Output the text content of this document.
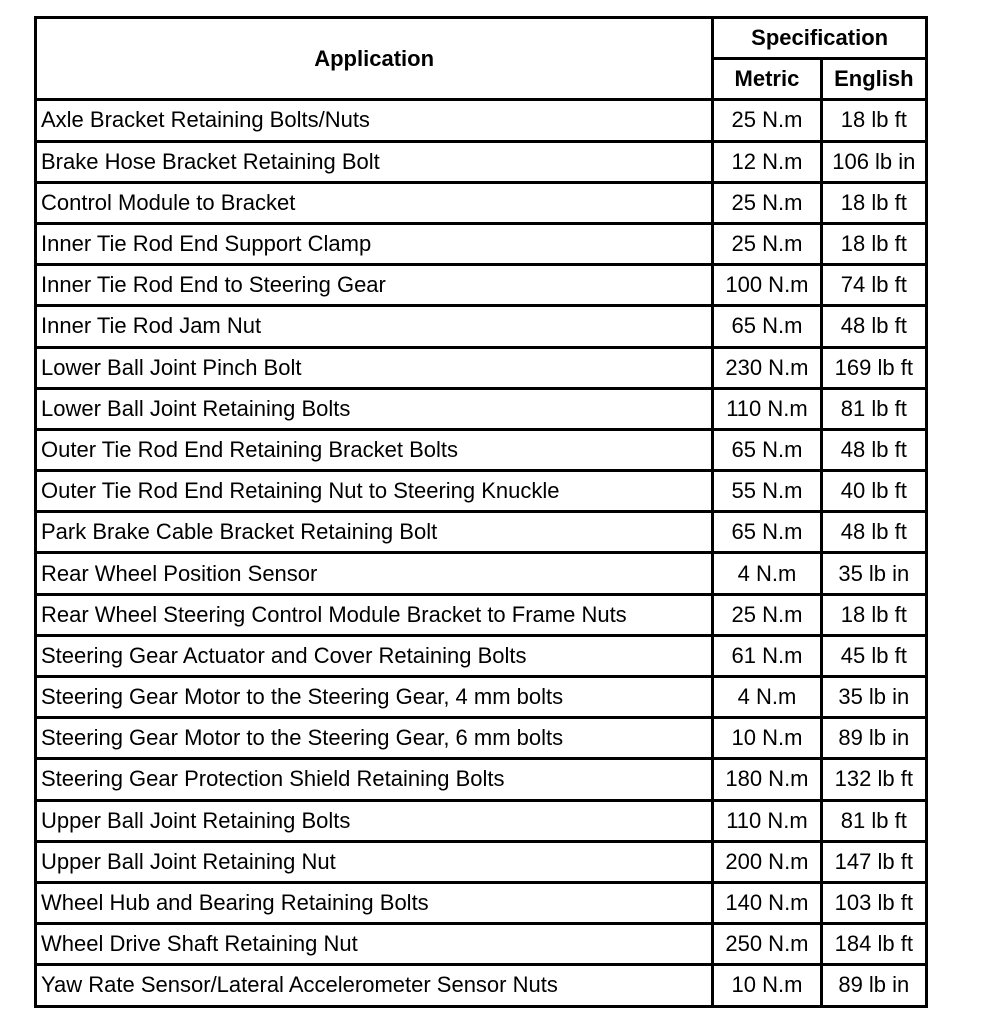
Application	Specification	
	Metric	English
Axle Bracket Retaining Bolts/Nuts	25 N.m	18 lb ft
Brake Hose Bracket Retaining Bolt	12 N.m	106 lb in
Control Module to Bracket	25 N.m	18 lb ft
Inner Tie Rod End Support Clamp	25 N.m	18 lb ft
Inner Tie Rod End to Steering Gear	100 N.m	74 lb ft
Inner Tie Rod Jam Nut	65 N.m	48 lb ft
Lower Ball Joint Pinch Bolt	230 N.m	169 lb ft
Lower Ball Joint Retaining Bolts	110 N.m	81 lb ft
Outer Tie Rod End Retaining Bracket Bolts	65 N.m	48 lb ft
Outer Tie Rod End Retaining Nut to Steering Knuckle	55 N.m	40 lb ft
Park Brake Cable Bracket Retaining Bolt	65 N.m	48 lb ft
Rear Wheel Position Sensor	4 N.m	35 lb in
Rear Wheel Steering Control Module Bracket to Frame Nuts	25 N.m	18 lb ft
Steering Gear Actuator and Cover Retaining Bolts	61 N.m	45 lb ft
Steering Gear Motor to the Steering Gear, 4 mm bolts	4 N.m	35 lb in
Steering Gear Motor to the Steering Gear, 6 mm bolts	10 N.m	89 lb in
Steering Gear Protection Shield Retaining Bolts	180 N.m	132 lb ft
Upper Ball Joint Retaining Bolts	110 N.m	81 lb ft
Upper Ball Joint Retaining Nut	200 N.m	147 lb ft
Wheel Hub and Bearing Retaining Bolts	140 N.m	103 lb ft
Wheel Drive Shaft Retaining Nut	250 N.m	184 lb ft
Yaw Rate Sensor/Lateral Accelerometer Sensor Nuts	10 N.m	89 lb in
